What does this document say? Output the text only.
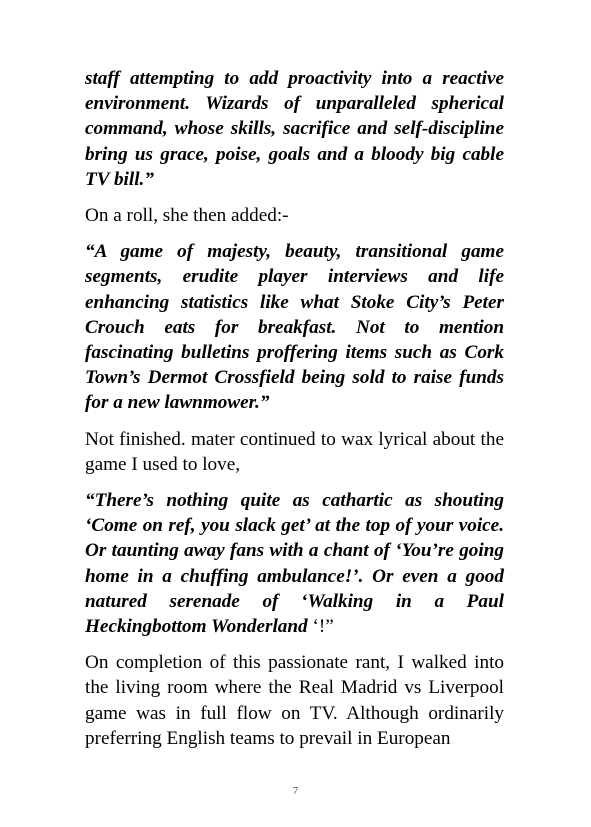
staff attempting to add proactivity into a reactive environment. Wizards of unparalleled spherical command, whose skills, sacrifice and self-discipline bring us grace, poise, goals and a bloody big cable TV bill.”

On a roll, she then added:-

“A game of majesty, beauty, transitional game segments, erudite player interviews and life enhancing statistics like what Stoke City’s Peter Crouch eats for breakfast. Not to mention fascinating bulletins proffering items such as Cork Town’s Dermot Crossfield being sold to raise funds for a new lawnmower.”

Not finished. mater continued to wax lyrical about the game I used to love,

“There’s nothing quite as cathartic as shouting ‘Come on ref, you slack get’ at the top of your voice. Or taunting away fans with a chant of ‘You’re going home in a chuffing ambulance!’. Or even a good natured serenade of ‘Walking in a Paul Heckingbottom Wonderland ‘!”

On completion of this passionate rant, I walked into the living room where the Real Madrid vs Liverpool game was in full flow on TV. Although ordinarily preferring English teams to prevail in European

7
